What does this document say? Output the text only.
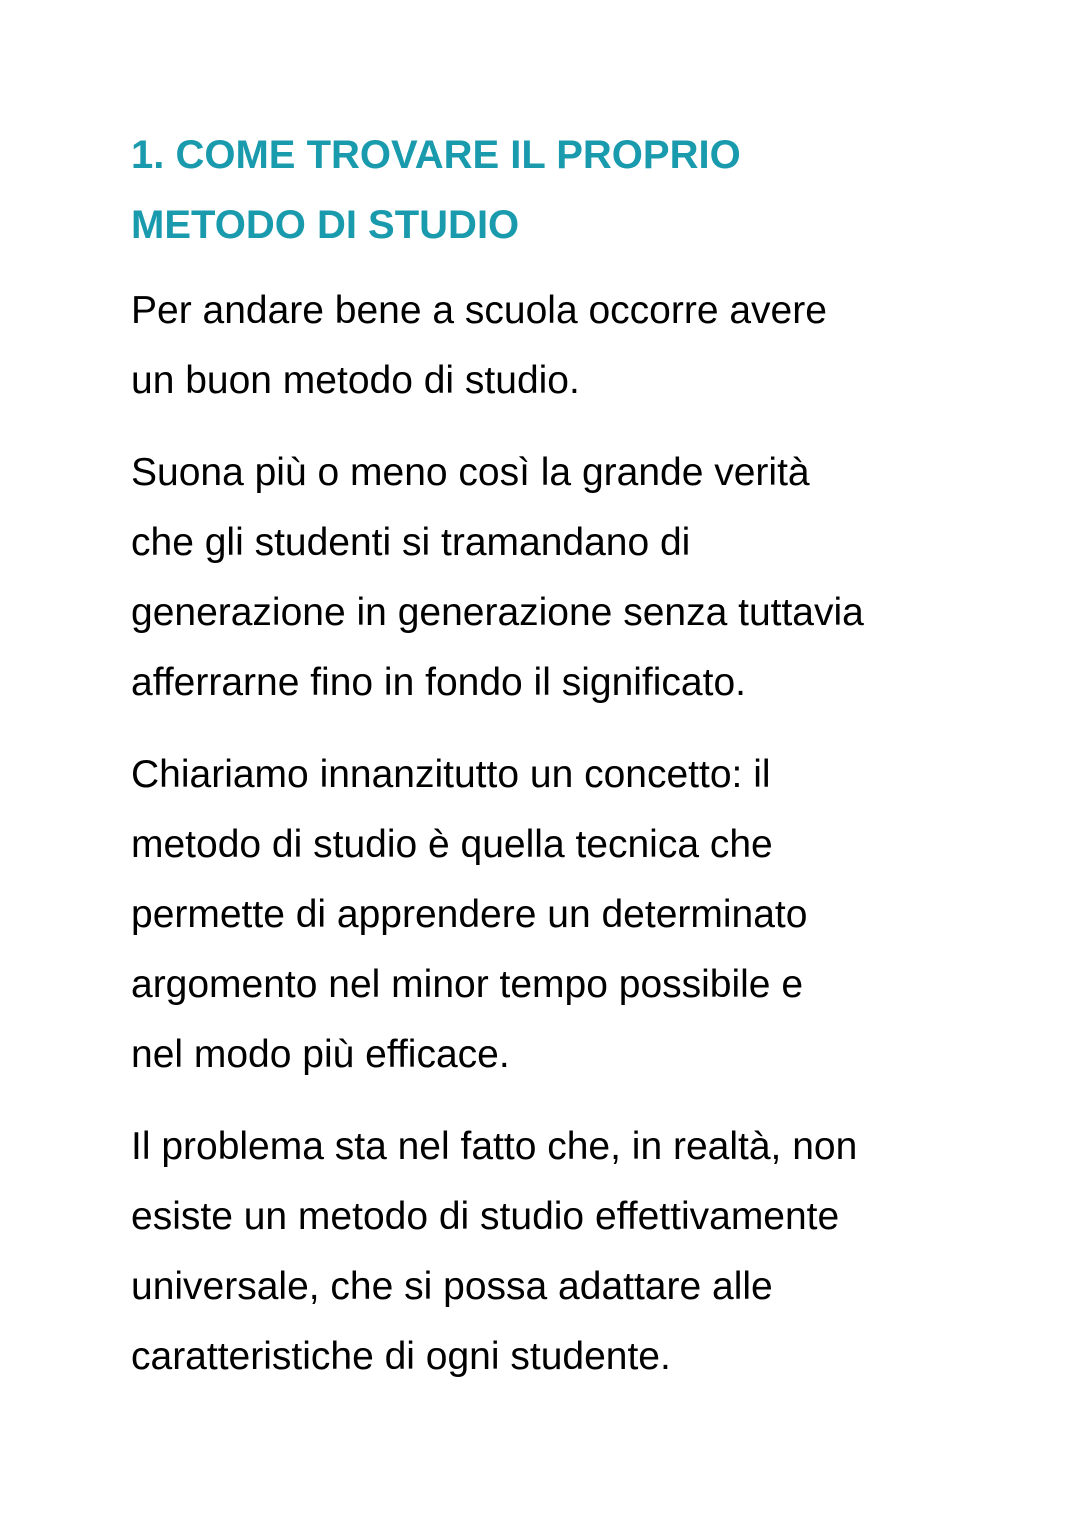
1. COME TROVARE IL PROPRIO
METODO DI STUDIO

Per andare bene a scuola occorre avere
un buon metodo di studio.

Suona più o meno così la grande verità
che gli studenti si tramandano di
generazione in generazione senza tuttavia
afferrarne fino in fondo il significato.

Chiariamo innanzitutto un concetto: il
metodo di studio è quella tecnica che
permette di apprendere un determinato
argomento nel minor tempo possibile e
nel modo più efficace.

Il problema sta nel fatto che, in realtà, non
esiste un metodo di studio effettivamente
universale, che si possa adattare alle
caratteristiche di ogni studente.
